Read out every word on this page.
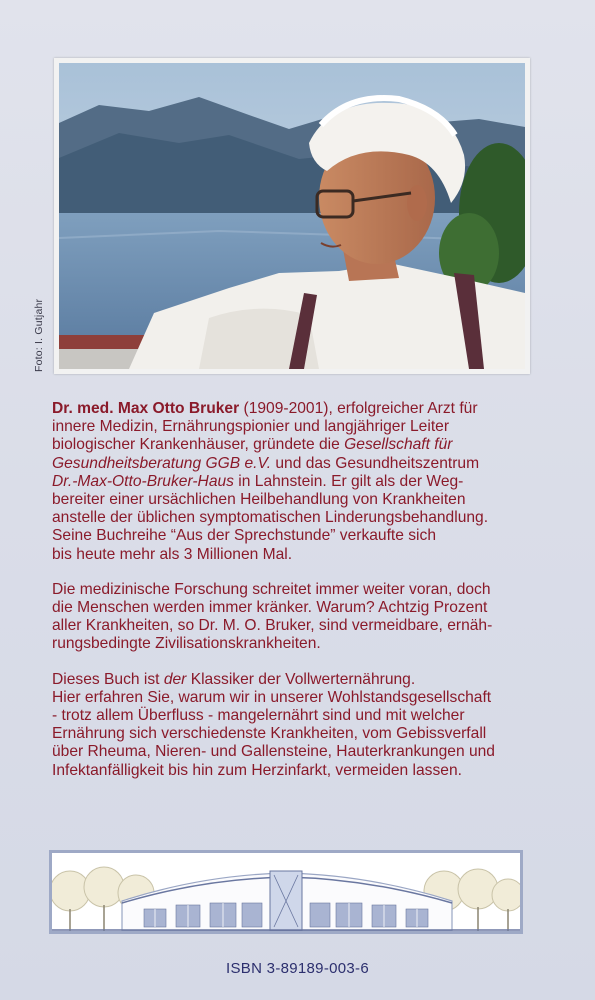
Foto: I. Gutjahr

Dr. med. Max Otto Bruker (1909-2001), erfolgreicher Arzt für
innere Medizin, Ernährungspionier und langjähriger Leiter
biologischer Krankenhäuser, gründete die Gesellschaft für
Gesundheitsberatung GGB e.V. und das Gesundheitszentrum
Dr.-Max-Otto-Bruker-Haus in Lahnstein. Er gilt als der Weg-
bereiter einer ursächlichen Heilbehandlung von Krankheiten
anstelle der üblichen symptomatischen Linderungsbehandlung.
Seine Buchreihe “Aus der Sprechstunde” verkaufte sich
bis heute mehr als 3 Millionen Mal.

Die medizinische Forschung schreitet immer weiter voran, doch
die Menschen werden immer kränker. Warum? Achtzig Prozent
aller Krankheiten, so Dr. M. O. Bruker, sind vermeidbare, ernäh-
rungsbedingte Zivilisationskrankheiten.

Dieses Buch ist der Klassiker der Vollwerternährung.
Hier erfahren Sie, warum wir in unserer Wohlstandsgesellschaft
- trotz allem Überfluss - mangelernährt sind und mit welcher
Ernährung sich verschiedenste Krankheiten, vom Gebissverfall
über Rheuma, Nieren- und Gallensteine, Hauterkrankungen und
Infektanfälligkeit bis hin zum Herzinfarkt, vermeiden lassen.

ISBN 3-89189-003-6
